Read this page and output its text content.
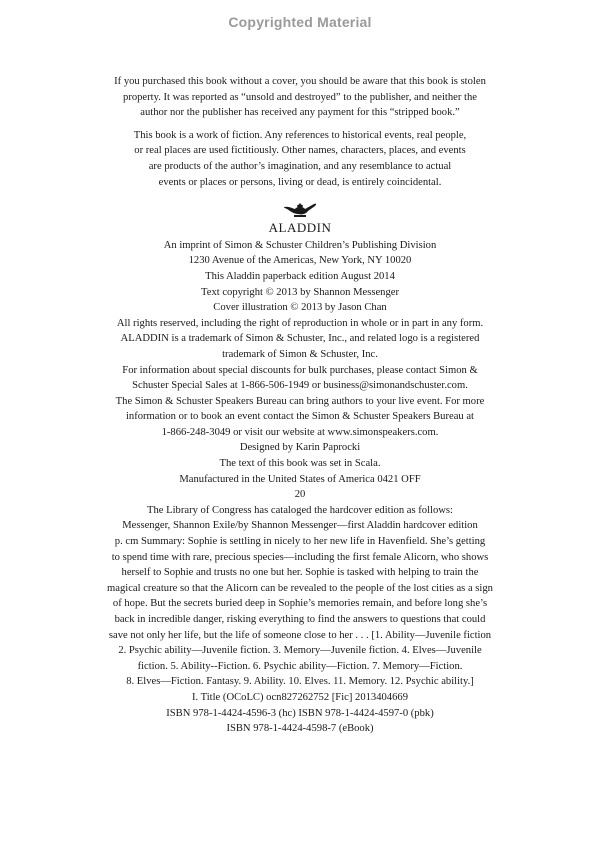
Copyrighted Material
If you purchased this book without a cover, you should be aware that this book is stolen
property. It was reported as “unsold and destroyed” to the publisher, and neither the
author nor the publisher has received any payment for this “stripped book.”
This book is a work of fiction. Any references to historical events, real people,
or real places are used fictitiously. Other names, characters, places, and events
are products of the author’s imagination, and any resemblance to actual
events or places or persons, living or dead, is entirely coincidental.
ALADDIN
An imprint of Simon & Schuster Children’s Publishing Division
1230 Avenue of the Americas, New York, NY 10020
This Aladdin paperback edition August 2014
Text copyright © 2013 by Shannon Messenger
Cover illustration © 2013 by Jason Chan
All rights reserved, including the right of reproduction in whole or in part in any form.
ALADDIN is a trademark of Simon & Schuster, Inc., and related logo is a registered
trademark of Simon & Schuster, Inc.
For information about special discounts for bulk purchases, please contact Simon &
Schuster Special Sales at 1-866-506-1949 or business@simonandschuster.com.
The Simon & Schuster Speakers Bureau can bring authors to your live event. For more
information or to book an event contact the Simon & Schuster Speakers Bureau at
1-866-248-3049 or visit our website at www.simonspeakers.com.
Designed by Karin Paprocki
The text of this book was set in Scala.
Manufactured in the United States of America 0421 OFF
20
The Library of Congress has cataloged the hardcover edition as follows:
Messenger, Shannon Exile/by Shannon Messenger—first Aladdin hardcover edition
p. cm Summary: Sophie is settling in nicely to her new life in Havenfield. She’s getting
to spend time with rare, precious species—including the first female Alicorn, who shows
herself to Sophie and trusts no one but her. Sophie is tasked with helping to train the
magical creature so that the Alicorn can be revealed to the people of the lost cities as a sign
of hope. But the secrets buried deep in Sophie’s memories remain, and before long she’s
back in incredible danger, risking everything to find the answers to questions that could
save not only her life, but the life of someone close to her . . . [1. Ability—Juvenile fiction
2. Psychic ability—Juvenile fiction. 3. Memory—Juvenile fiction. 4. Elves—Juvenile
fiction. 5. Ability--Fiction. 6. Psychic ability—Fiction. 7. Memory—Fiction.
8. Elves—Fiction. Fantasy. 9. Ability. 10. Elves. 11. Memory. 12. Psychic ability.]
I. Title (OCoLC) ocn827262752 [Fic] 2013404669
ISBN 978-1-4424-4596-3 (hc) ISBN 978-1-4424-4597-0 (pbk)
ISBN 978-1-4424-4598-7 (eBook)
